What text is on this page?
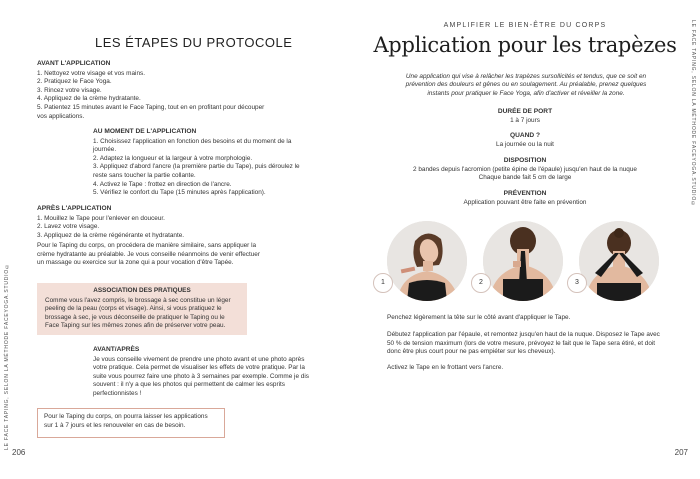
LE FACE TAPING, SELON LA MÉTHODE FACEYOGA.STUDIO©
LES ÉTAPES DU PROTOCOLE
AVANT L'APPLICATION

1. Nettoyez votre visage et vos mains.

2. Pratiquez le Face Yoga.

3. Rincez votre visage.

4. Appliquez de la crème hydratante.

5. Patientez 15 minutes avant le Face Taping, tout en en profitant pour découper vos applications.

AU MOMENT DE L'APPLICATION

1. Choisissez l'application en fonction des besoins et du moment de la journée.

2. Adaptez la longueur et la largeur à votre morphologie.

3. Appliquez d'abord l'ancre (la première partie du Tape), puis déroulez le reste sans toucher la partie collante.

4. Activez le Tape : frottez en direction de l'ancre.

5. Vérifiez le confort du Tape (15 minutes après l'application).

APRÈS L'APPLICATION

1. Mouillez le Tape pour l'enlever en douceur.

2. Lavez votre visage.

3. Appliquez de la crème régénérante et hydratante.

Pour le Taping du corps, on procédera de manière similaire, sans appliquer la crème hydratante au préalable. Je vous conseille néanmoins de venir effectuer un massage ou exercice sur la zone qui a pour vocation d'être Tapée.

ASSOCIATION DES PRATIQUES
Comme vous l'avez compris, le brossage à sec constitue un léger peeling de la peau (corps et visage). Ainsi, si vous pratiquez le brossage à sec, je vous déconseille de pratiquer le Taping ou le Face Taping sur les mêmes zones afin de préserver votre peau.
AVANT/APRÈS

Je vous conseille vivement de prendre une photo avant et une photo après votre pratique. Cela permet de visualiser les effets de votre pratique. Par la suite vous pourrez faire une photo à 3 semaines par exemple. Comme je dis souvent : il n'y a que les photos qui permettent de calmer les esprits perfectionnistes !

Pour le Taping du corps, on pourra laisser les applications sur 1 à 7 jours et les renouveler en cas de besoin.
206
LE FACE TAPING, SELON LA MÉTHODE FACEYOGA.STUDIO©
AMPLIFIER LE BIEN-ÊTRE DU CORPS
Application pour les trapèzes
Une application qui vise à relâcher les trapèzes sursollicités et tendus, que ce soit en prévention des douleurs et gênes ou en soulagement. Au préalable, prenez quelques instants pour pratiquer le Face Yoga, afin d'activer et réveiller la zone.
DURÉE DE PORT
1 à 7 jours
QUAND ?
La journée ou la nuit
DISPOSITION
2 bandes depuis l'acromion (petite épine de l'épaule) jusqu'en haut de la nuque
Chaque bande fait 5 cm de large
PRÉVENTION
Application pouvant être faite en prévention
1	2	3
Penchez légèrement la tête sur le côté avant d'appliquer le Tape.
Débutez l'application par l'épaule, et remontez jusqu'en haut de la nuque. Disposez le Tape avec 50 % de tension maximum (lors de votre mesure, prévoyez le fait que le Tape sera étiré, et doit donc être plus court pour ne pas empiéter sur les cheveux).
Activez le Tape en le frottant vers l'ancre.
207
